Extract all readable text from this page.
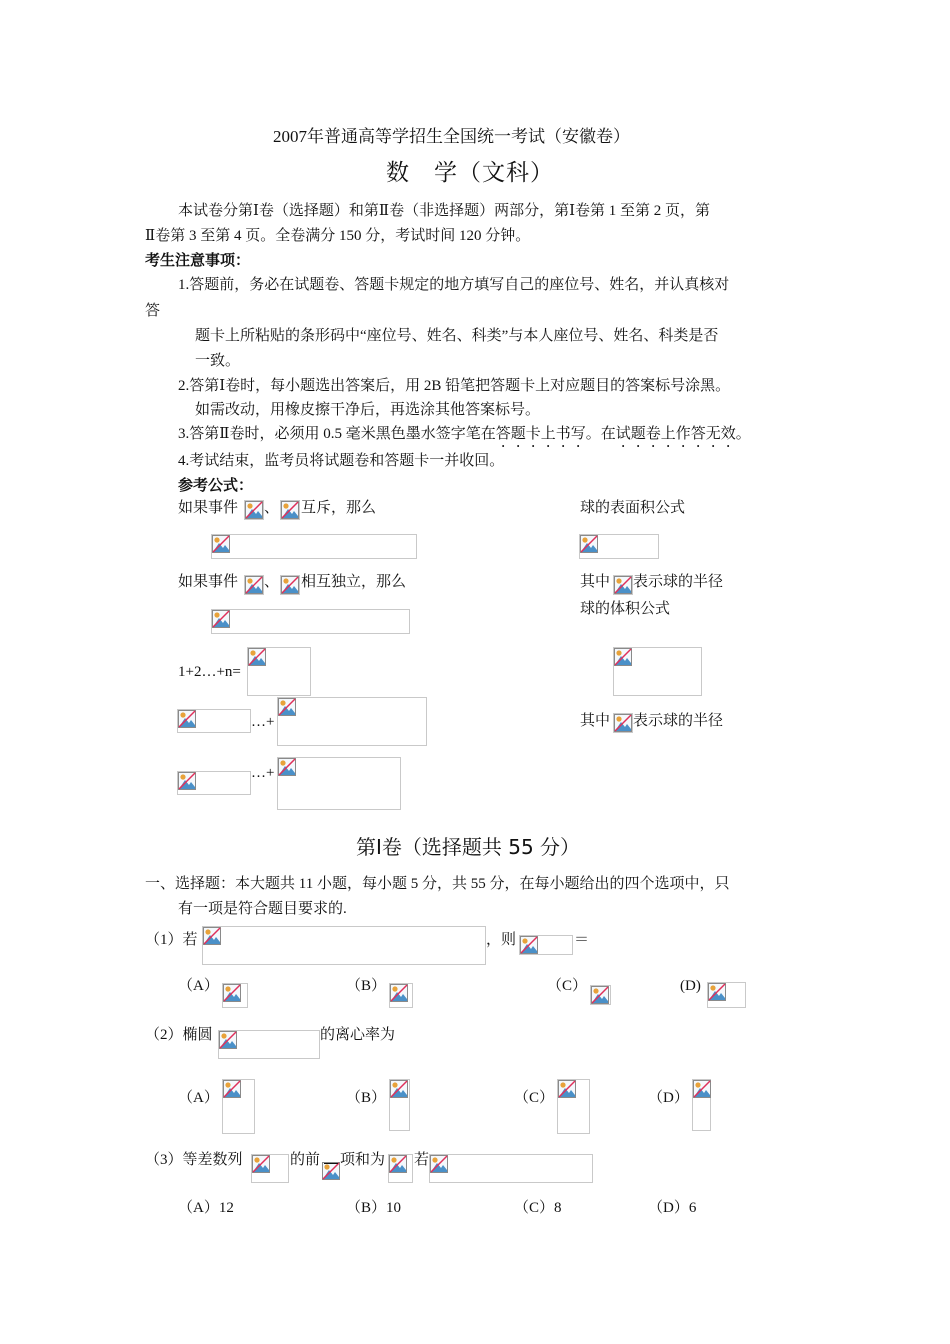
2007年普通高等学招生全国统一考试（安徽卷）
数　学（文科）
本试卷分第Ⅰ卷（选择题）和第Ⅱ卷（非选择题）两部分，第Ⅰ卷第 1 至第 2 页，第
Ⅱ卷第 3 至第 4 页。全卷满分 150 分，考试时间 120 分钟。
考生注意事项：
1.答题前，务必在试题卷、答题卡规定的地方填写自己的座位号、姓名，并认真核对
答
题卡上所粘贴的条形码中“座位号、姓名、科类”与本人座位号、姓名、科类是否
一致。
2.答第Ⅰ卷时，每小题选出答案后，用 2B 铅笔把答题卡上对应题目的答案标号涂黑。
如需改动，用橡皮擦干净后，再选涂其他答案标号。
3.答第Ⅱ卷时，必须用 0.5 毫米黑色墨水签字笔在答题卡上书写。在试题卷上作答无效。
4.考试结束，监考员将试题卷和答题卡一并收回。
参考公式：
如果事件 、 互斥，那么	球的表面积公式
如果事件 、 相互独立，那么	其中 表示球的半径
球的体积公式
1+2…+n=
…+	其中 表示球的半径
…+
第Ⅰ卷（选择题共 55 分）
一、选择题：本大题共 11 小题，每小题 5 分，共 55 分，在每小题给出的四个选项中，只
有一项是符合题目要求的.
（1）若	，则	＝
（A）	（B）	（C）	(D)
（2）椭圆	的离心率为
（A）	（B）	（C）	（D）
（3）等差数列	的前 项和为 若
（A）12	（B）10	（C）8	（D）6
